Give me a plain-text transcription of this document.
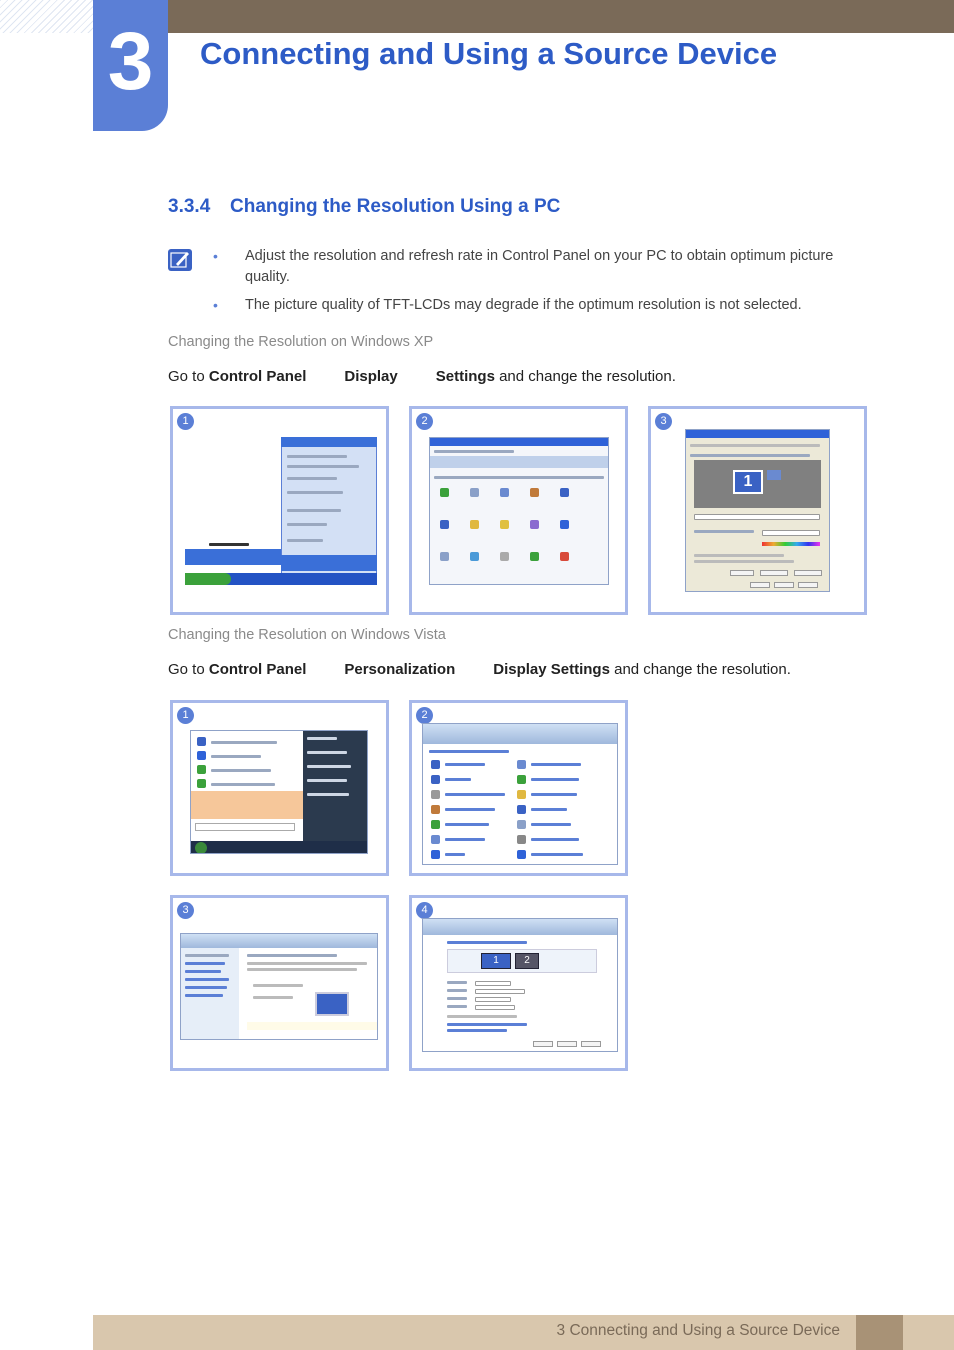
3	Connecting and Using a Source Device
3.3.4 Changing the Resolution Using a PC
• Adjust the resolution and refresh rate in Control Panel on your PC to obtain optimum picture quality.
• The picture quality of TFT-LCDs may degrade if the optimum resolution is not selected.
Changing the Resolution on Windows XP
Go to Control Panel	Display	Settings and change the resolution.
1	2	3
1
Changing the Resolution on Windows Vista
Go to Control Panel	Personalization	Display Settings and change the resolution.
1	2
3	4
1	2
3 Connecting and Using a Source Device
